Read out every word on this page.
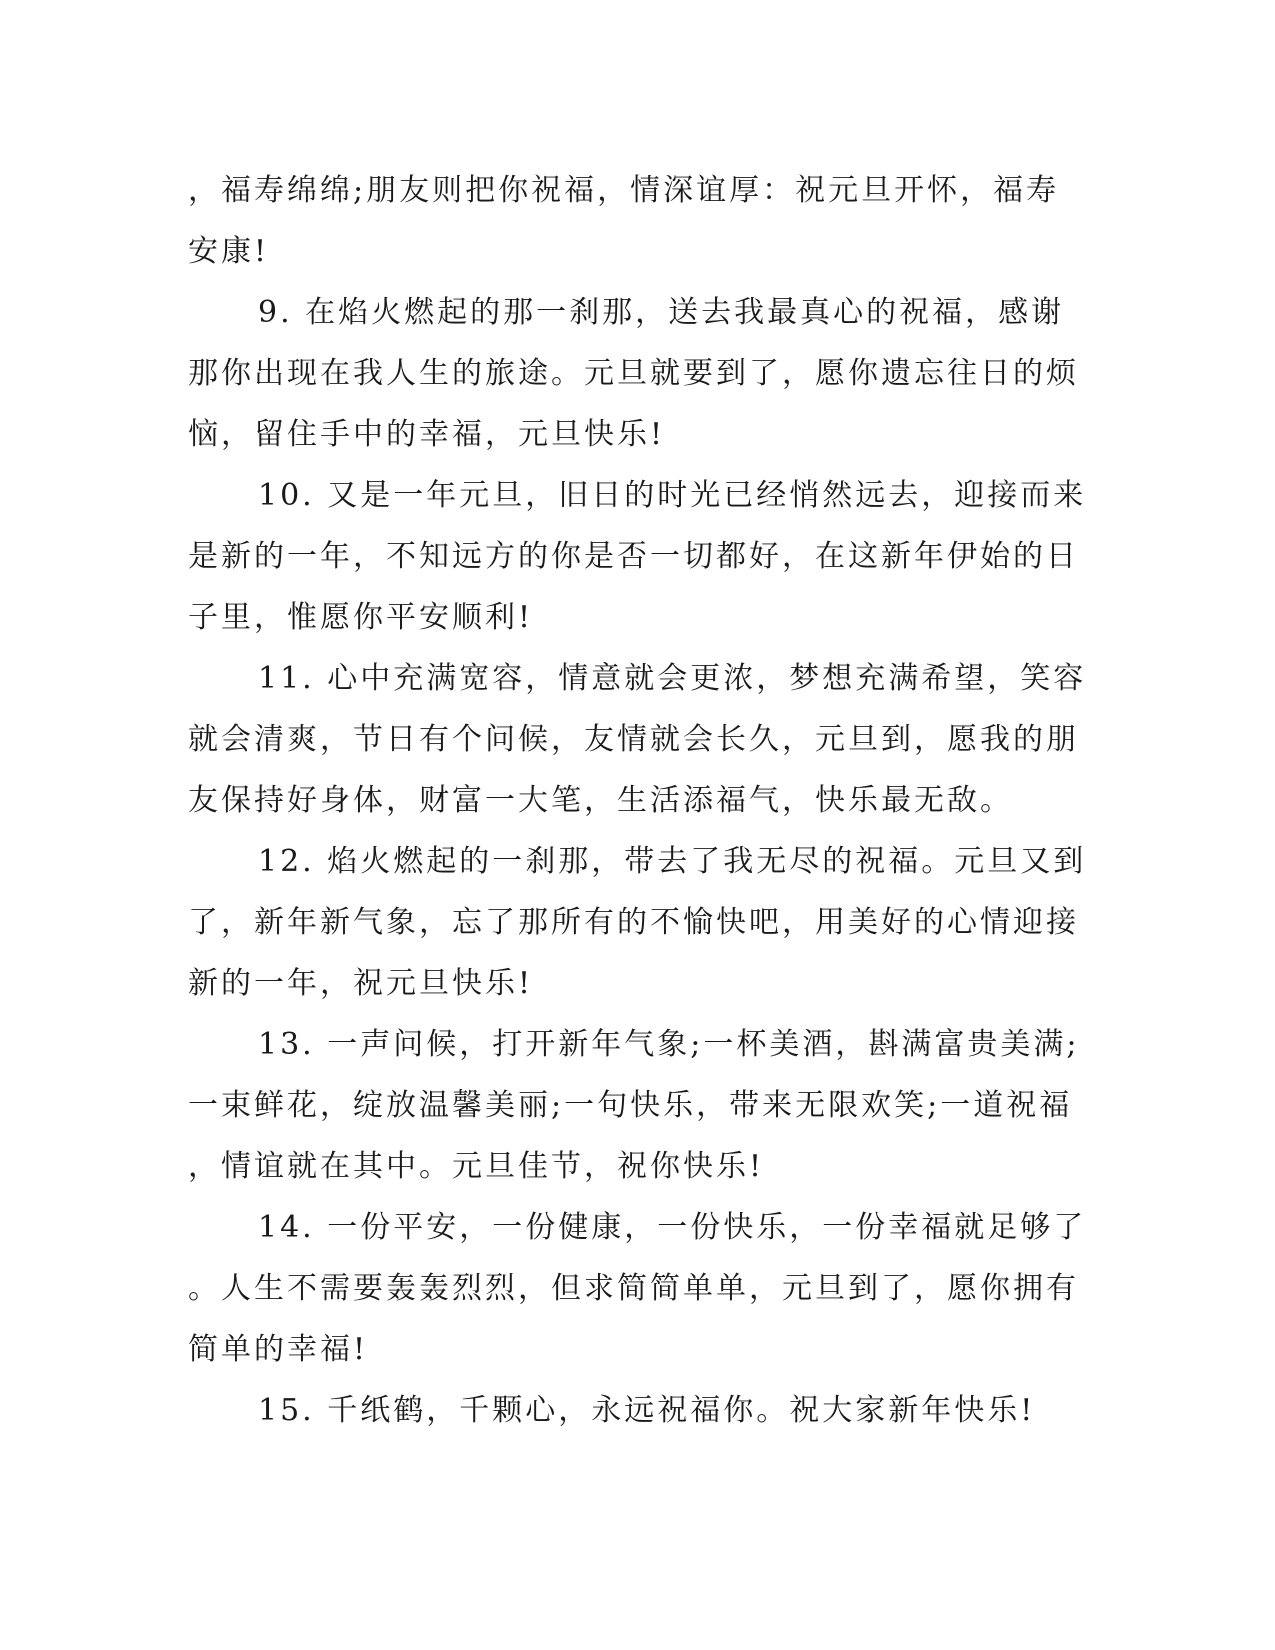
，福寿绵绵;朋友则把你祝福，情深谊厚：祝元旦开怀，福寿
安康!

9. 在焰火燃起的那一刹那，送去我最真心的祝福，感谢
那你出现在我人生的旅途。元旦就要到了，愿你遗忘往日的烦
恼，留住手中的幸福，元旦快乐!

10. 又是一年元旦，旧日的时光已经悄然远去，迎接而来
是新的一年，不知远方的你是否一切都好，在这新年伊始的日
子里，惟愿你平安顺利!

11. 心中充满宽容，情意就会更浓，梦想充满希望，笑容
就会清爽，节日有个问候，友情就会长久，元旦到，愿我的朋
友保持好身体，财富一大笔，生活添福气，快乐最无敌。

12. 焰火燃起的一刹那，带去了我无尽的祝福。元旦又到
了，新年新气象，忘了那所有的不愉快吧，用美好的心情迎接
新的一年，祝元旦快乐!

13. 一声问候，打开新年气象;一杯美酒，斟满富贵美满;
一束鲜花，绽放温馨美丽;一句快乐，带来无限欢笑;一道祝福
，情谊就在其中。元旦佳节，祝你快乐!

14. 一份平安，一份健康，一份快乐，一份幸福就足够了
。人生不需要轰轰烈烈，但求简简单单，元旦到了，愿你拥有
简单的幸福!

15. 千纸鹤，千颗心，永远祝福你。祝大家新年快乐!
